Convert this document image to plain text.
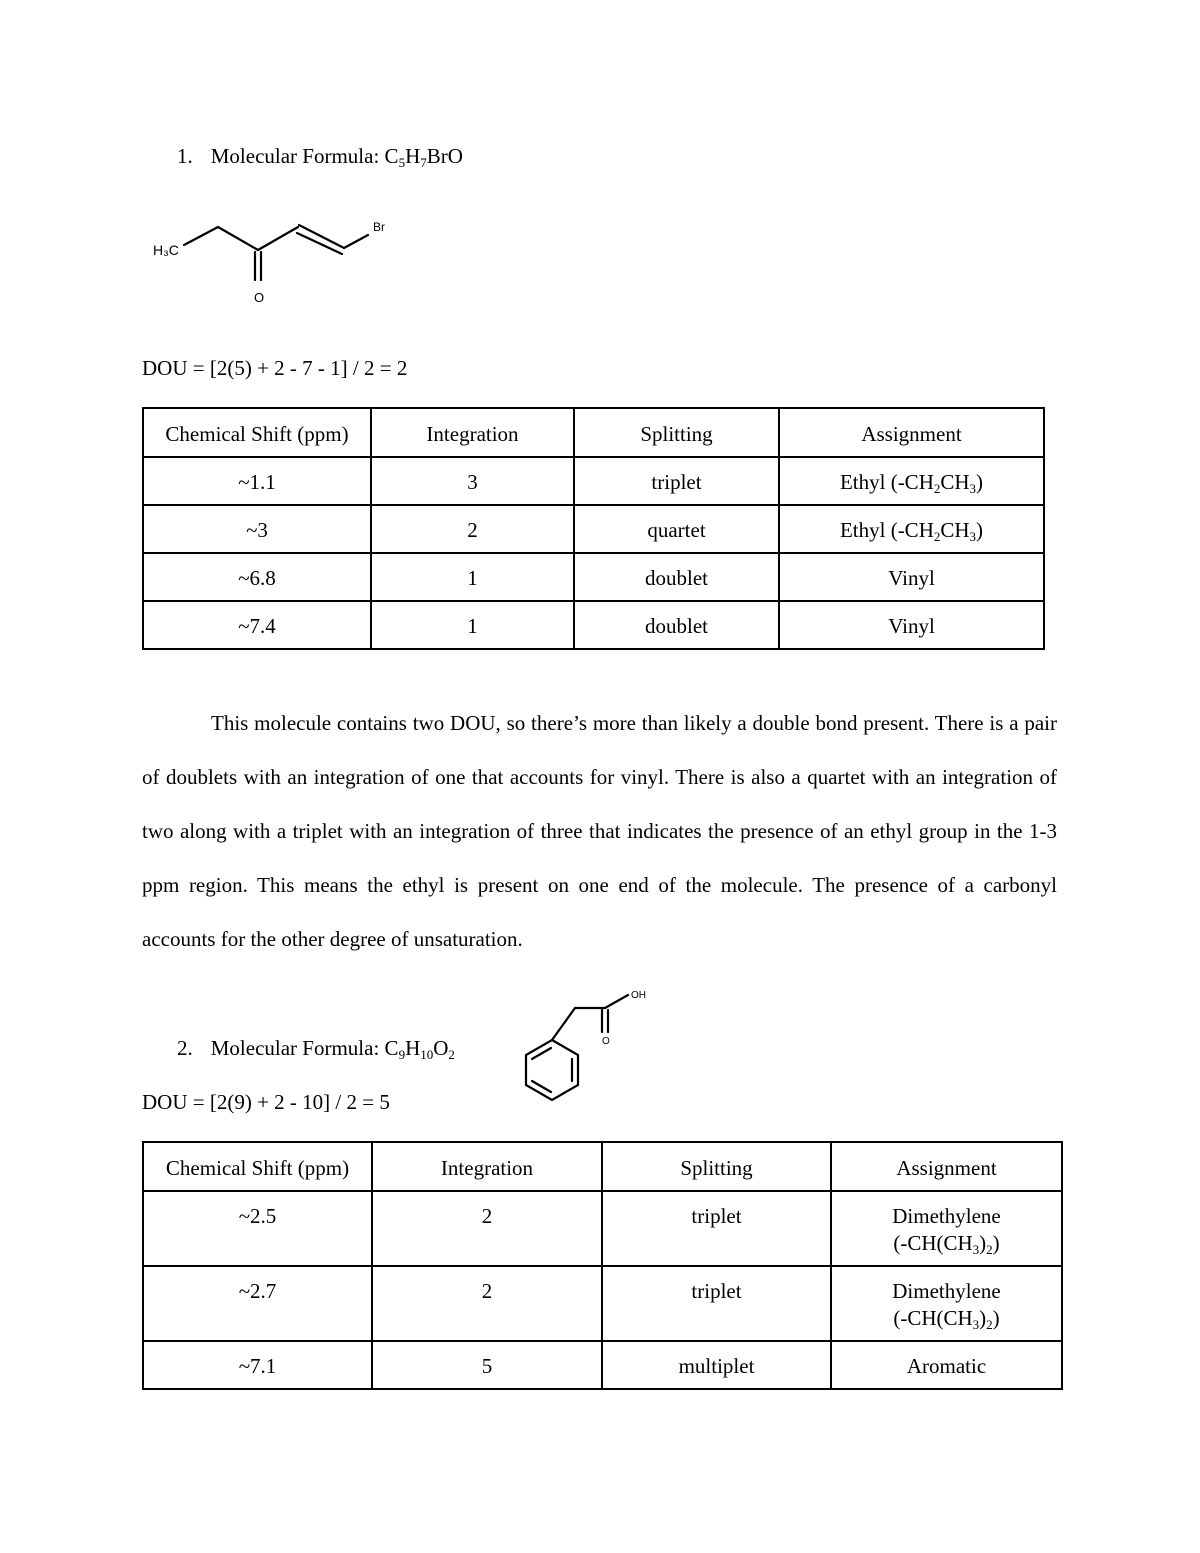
1. Molecular Formula: $C_5H_7BrO$
H₃C
Br
O
DOU = [2(5) + 2 - 7 - 1] / 2 = 2
Chemical Shift (ppm)	Integration	Splitting	Assignment
~1.1	3	triplet	Ethyl $(-CH_2CH_3)$
~3	2	quartet	Ethyl $(-CH_2CH_3)$
~6.8	1	doublet	Vinyl
~7.4	1	doublet	Vinyl

This molecule contains two DOU, so there’s more than likely a double bond present. There is a pair of doublets with an integration of one that accounts for vinyl. There is also a quartet with an integration of two along with a triplet with an integration of three that indicates the presence of an ethyl group in the 1-3 ppm region. This means the ethyl is present on one end of the molecule. The presence of a carbonyl accounts for the other degree of unsaturation.

OH
O
2. Molecular Formula: $C_9H_{10}O_2$
DOU = [2(9) + 2 - 10] / 2 = 5
Chemical Shift (ppm)	Integration	Splitting	Assignment
~2.5	2	triplet	Dimethylene
$(-CH(CH_3)_2)$

~2.7	2	triplet	Dimethylene
$(-CH(CH_3)_2)$

~7.1	5	multiplet	Aromatic
